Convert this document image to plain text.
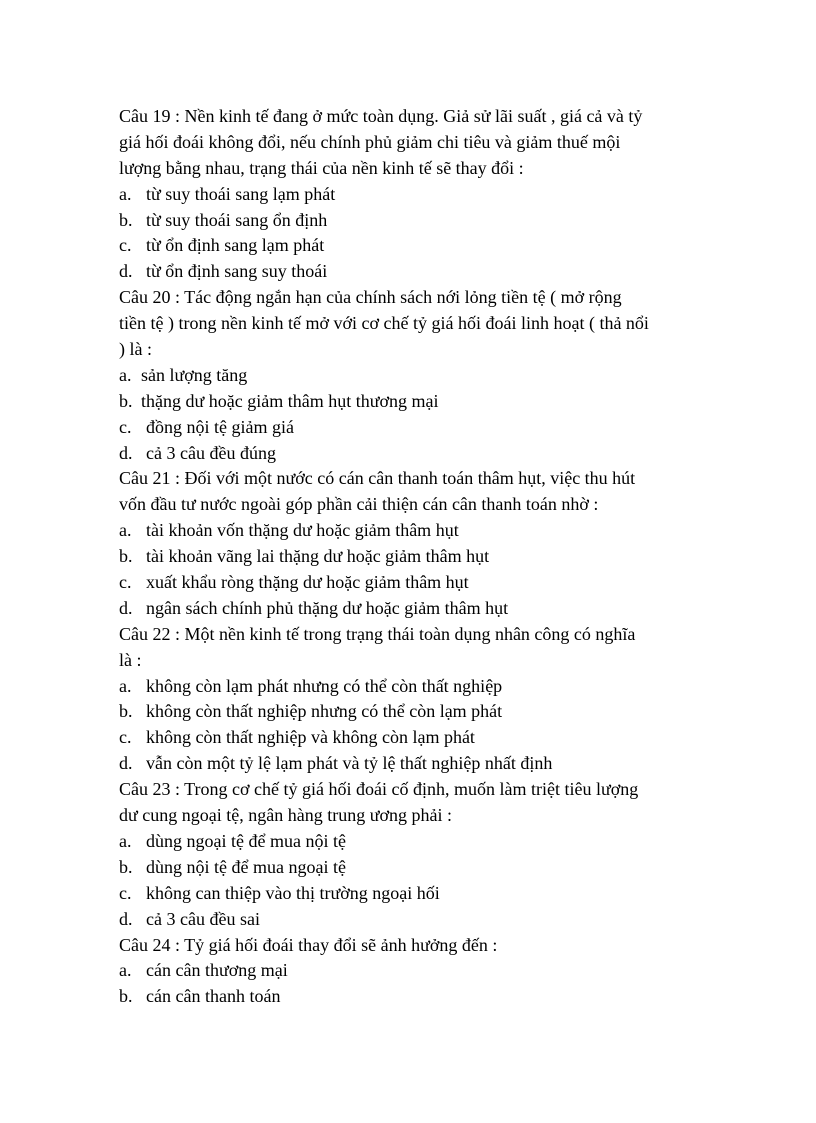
Câu 19 : Nền kinh tế đang ở mức toàn dụng. Giả sử lãi suất , giá cả và tỷ
giá hối đoái không đổi, nếu chính phủ giảm chi tiêu và giảm thuế mội
lượng bằng nhau, trạng thái của nền kinh tế sẽ thay đổi :
a. từ suy thoái sang lạm phát
b. từ suy thoái sang ổn định
c. từ ổn định sang lạm phát
d. từ ổn định sang suy thoái
Câu 20 : Tác động ngắn hạn của chính sách nới lỏng tiền tệ ( mở rộng
tiền tệ ) trong nền kinh tế mở với cơ chế tỷ giá hối đoái linh hoạt ( thả nổi
) là :
a. sản lượng tăng
b. thặng dư hoặc giảm thâm hụt thương mại
c. đồng nội tệ giảm giá
d. cả 3 câu đều đúng
Câu 21 : Đối với một nước có cán cân thanh toán thâm hụt, việc thu hút
vốn đầu tư nước ngoài góp phần cải thiện cán cân thanh toán nhờ :
a. tài khoản vốn thặng dư hoặc giảm thâm hụt
b. tài khoản vãng lai thặng dư hoặc giảm thâm hụt
c. xuất khẩu ròng thặng dư hoặc giảm thâm hụt
d. ngân sách chính phủ thặng dư hoặc giảm thâm hụt
Câu 22 : Một nền kinh tế trong trạng thái toàn dụng nhân công có nghĩa
là :
a. không còn lạm phát nhưng có thể còn thất nghiệp
b. không còn thất nghiệp nhưng có thể còn lạm phát
c. không còn thất nghiệp và không còn lạm phát
d. vẫn còn một tỷ lệ lạm phát và tỷ lệ thất nghiệp nhất định
Câu 23 : Trong cơ chế tỷ giá hối đoái cố định, muốn làm triệt tiêu lượng
dư cung ngoại tệ, ngân hàng trung ương phải :
a. dùng ngoại tệ để mua nội tệ
b. dùng nội tệ để mua ngoại tệ
c. không can thiệp vào thị trường ngoại hối
d. cả 3 câu đều sai
Câu 24 : Tỷ giá hối đoái thay đổi sẽ ảnh hưởng đến :
a. cán cân thương mại
b. cán cân thanh toán
